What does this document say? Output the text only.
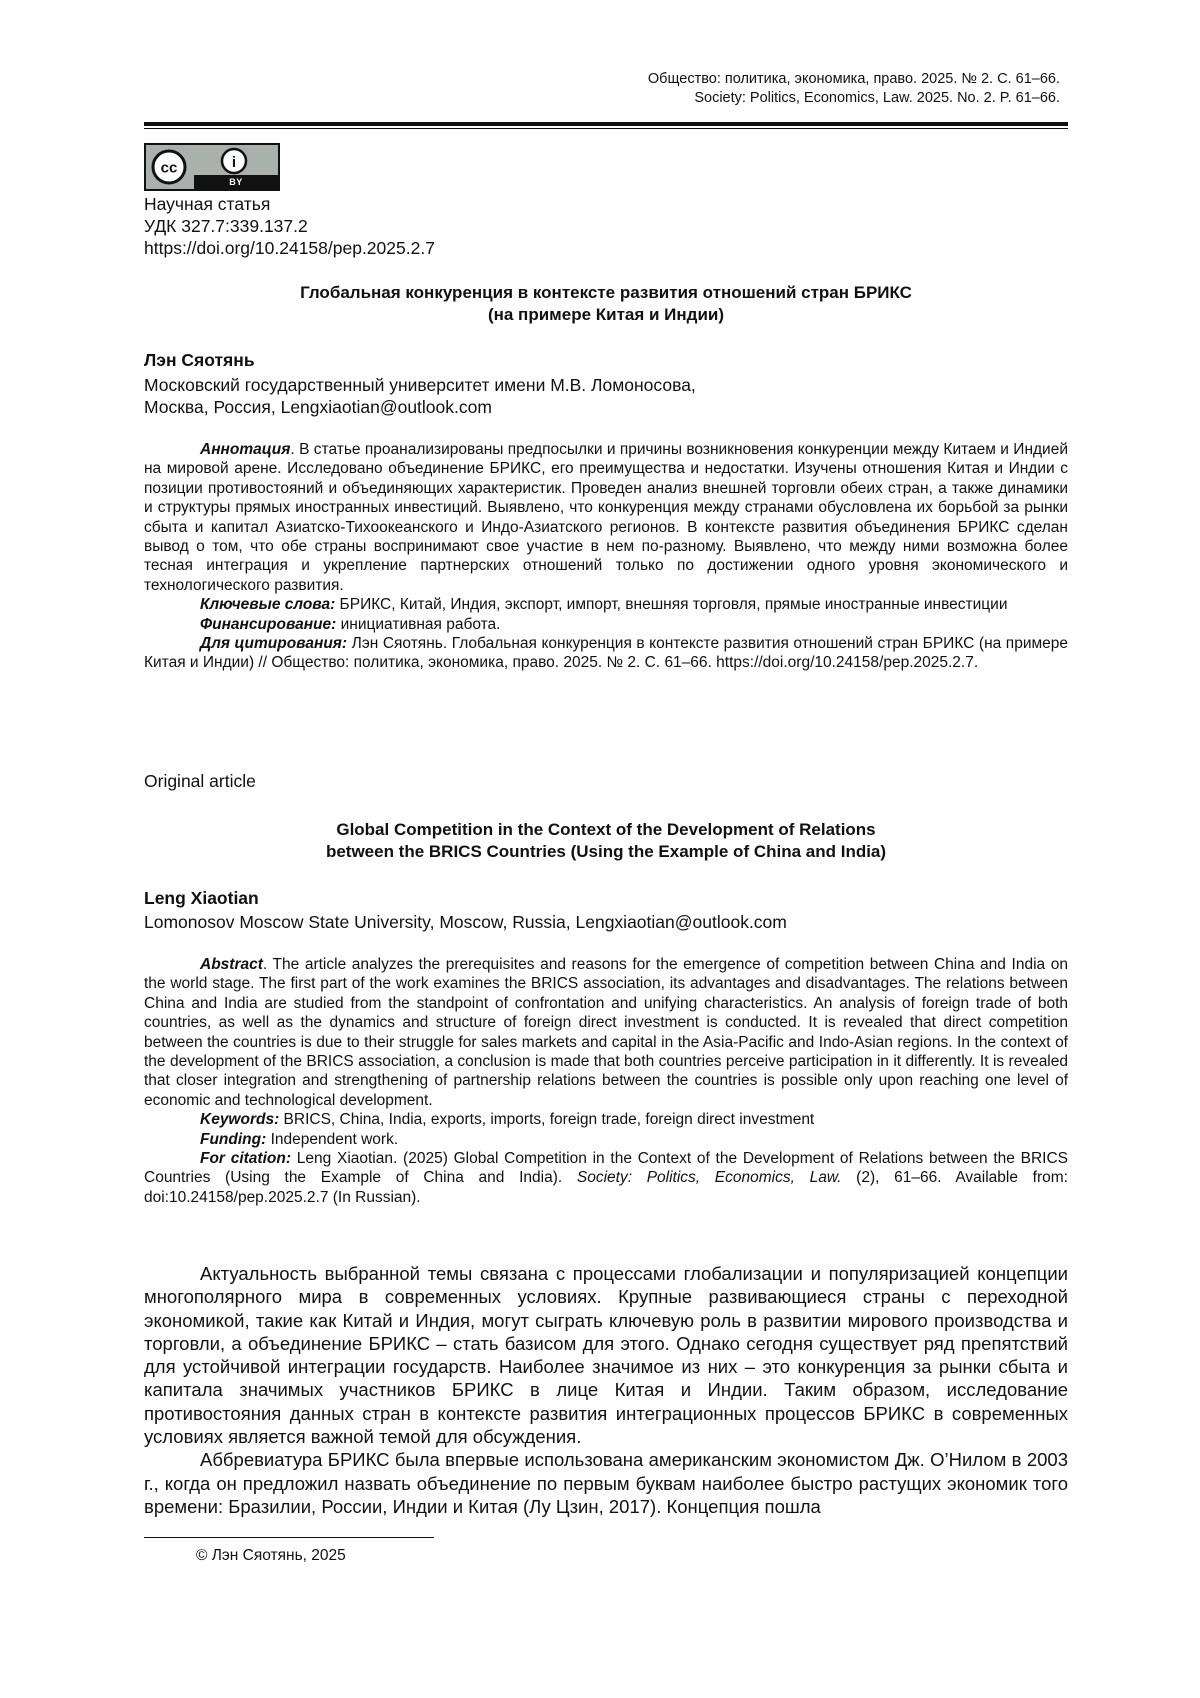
Общество: политика, экономика, право. 2025. № 2. С. 61–66.
Society: Politics, Economics, Law. 2025. No. 2. P. 61–66.
cc	i
BY
Научная статья
УДК 327.7:339.137.2
https://doi.org/10.24158/pep.2025.2.7
Глобальная конкуренция в контексте развития отношений стран БРИКС
(на примере Китая и Индии)
Лэн Сяотянь
Московский государственный университет имени М.В. Ломоносова,
Москва, Россия, Lengxiaotian@outlook.com

Аннотация. В статье проанализированы предпосылки и причины возникновения конкуренции между Китаем и Индией на мировой арене. Исследовано объединение БРИКС, его преимущества и недостатки. Изучены отношения Китая и Индии с позиции противостояний и объединяющих характеристик. Проведен анализ внешней торговли обеих стран, а также динамики и структуры прямых иностранных инвестиций. Выявлено, что конкуренция между странами обусловлена их борьбой за рынки сбыта и капитал Азиатско-Тихоокеанского и Индо-Азиатского регионов. В контексте развития объединения БРИКС сделан вывод о том, что обе страны воспринимают свое участие в нем по-разному. Выявлено, что между ними возможна более тесная интеграция и укрепление партнерских отношений только по достижении одного уровня экономического и технологического развития.

Ключевые слова: БРИКС, Китай, Индия, экспорт, импорт, внешняя торговля, прямые иностранные инвестиции

Финансирование: инициативная работа.

Для цитирования: Лэн Сяотянь. Глобальная конкуренция в контексте развития отношений стран БРИКС (на примере Китая и Индии) // Общество: политика, экономика, право. 2025. № 2. С. 61–66. https://doi.org/10.24158/pep.2025.2.7.

Original article
Global Competition in the Context of the Development of Relations
between the BRICS Countries (Using the Example of China and India)
Leng Xiaotian
Lomonosov Moscow State University, Moscow, Russia, Lengxiaotian@outlook.com

Abstract. The article analyzes the prerequisites and reasons for the emergence of competition between China and India on the world stage. The first part of the work examines the BRICS association, its advantages and disadvantages. The relations between China and India are studied from the standpoint of confrontation and unifying characteristics. An analysis of foreign trade of both countries, as well as the dynamics and structure of foreign direct investment is conducted. It is revealed that direct competition between the countries is due to their struggle for sales markets and capital in the Asia-Pacific and Indo-Asian regions. In the context of the development of the BRICS association, a conclusion is made that both countries perceive participation in it differently. It is revealed that closer integration and strengthening of partnership relations between the countries is possible only upon reaching one level of economic and technological development.

Keywords: BRICS, China, India, exports, imports, foreign trade, foreign direct investment

Funding: Independent work.

For citation: Leng Xiaotian. (2025) Global Competition in the Context of the Development of Relations between the BRICS Countries (Using the Example of China and India). Society: Politics, Economics, Law. (2), 61–66. Available from: doi:10.24158/pep.2025.2.7 (In Russian).

Актуальность выбранной темы связана с процессами глобализации и популяризацией концепции многополярного мира в современных условиях. Крупные развивающиеся страны с переходной экономикой, такие как Китай и Индия, могут сыграть ключевую роль в развитии мирового производства и торговли, а объединение БРИКС – стать базисом для этого. Однако сегодня существует ряд препятствий для устойчивой интеграции государств. Наиболее значимое из них – это конкуренция за рынки сбыта и капитала значимых участников БРИКС в лице Китая и Индии. Таким образом, исследование противостояния данных стран в контексте развития интеграционных процессов БРИКС в современных условиях является важной темой для обсуждения.

Аббревиатура БРИКС была впервые использована американским экономистом Дж. О’Нилом в 2003 г., когда он предложил назвать объединение по первым буквам наиболее быстро растущих экономик того времени: Бразилии, России, Индии и Китая (Лу Цзин, 2017). Концепция пошла

© Лэн Сяотянь, 2025
